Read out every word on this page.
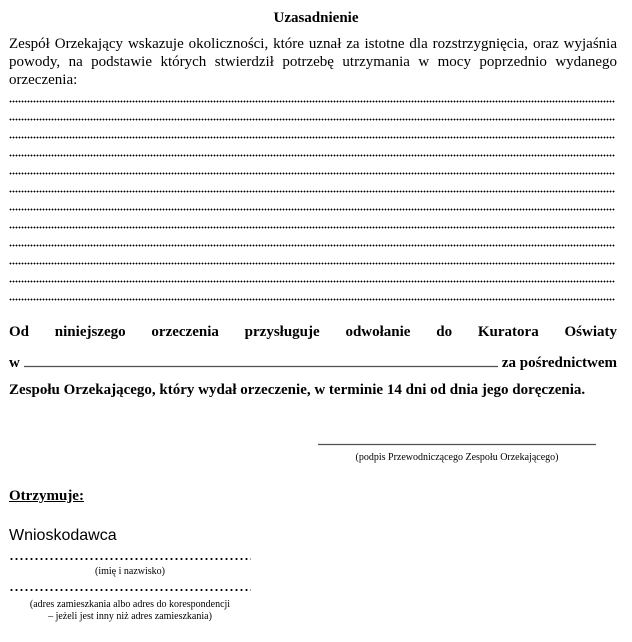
Uzasadnienie
Zespół Orzekający wskazuje okoliczności, które uznał za istotne dla rozstrzygnięcia, oraz wyjaśnia powody, na podstawie których stwierdził potrzebę utrzymania w mocy poprzednio wydanego orzeczenia:
Od niniejszego orzeczenia przysługuje odwołanie do Kuratora Oświaty
w	za pośrednictwem
Zespołu Orzekającego, który wydał orzeczenie, w terminie 14 dni od dnia jego doręczenia.
(podpis Przewodniczącego Zespołu Orzekającego)
Otrzymuje:
Wnioskodawca
(imię i nazwisko)
(adres zamieszkania albo adres do korespondencji
– jeżeli jest inny niż adres zamieszkania)
